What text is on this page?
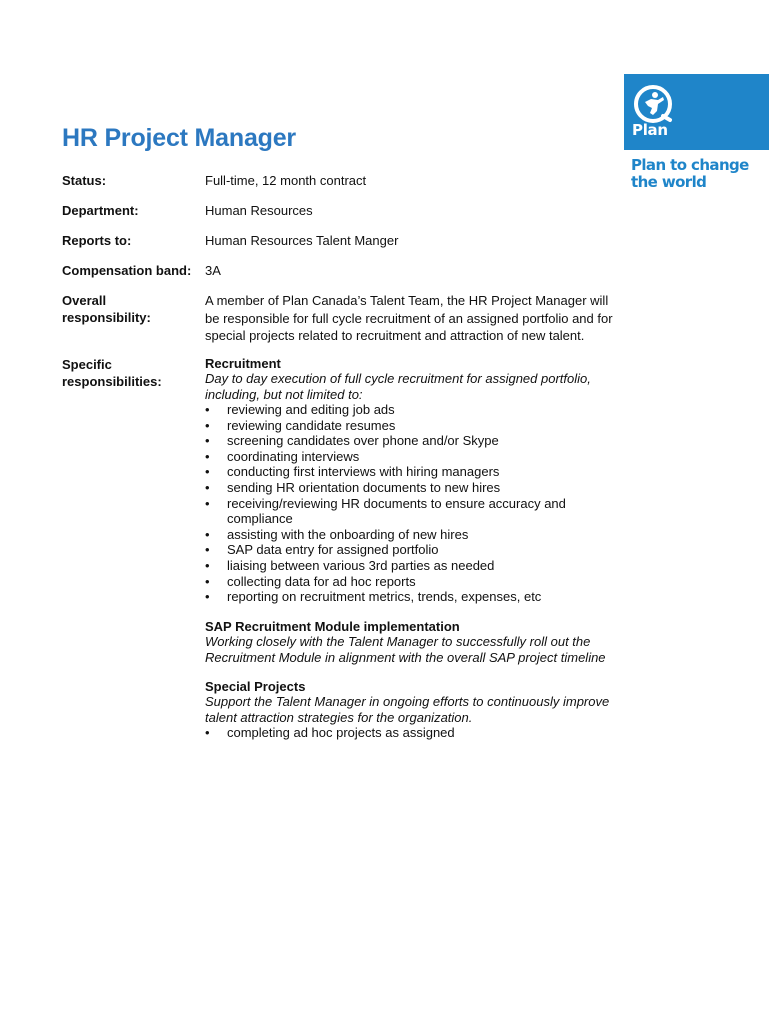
Plan
Plan to change
the world
HR Project Manager
Status:	Full-time, 12 month contract
Department:	Human Resources
Reports to:	Human Resources Talent Manger
Compensation band:	3A
Overall
responsibility:
A member of Plan Canada’s Talent Team, the HR Project Manager will be responsible for full cycle recruitment of an assigned portfolio and for special projects related to recruitment and attraction of new talent.
Specific
responsibilities:
Recruitment
Day to day execution of full cycle recruitment for assigned portfolio,
including, but not limited to:
• reviewing and editing job ads
• reviewing candidate resumes
• screening candidates over phone and/or Skype
• coordinating interviews
• conducting first interviews with hiring managers
• sending HR orientation documents to new hires
• receiving/reviewing HR documents to ensure accuracy and compliance
• assisting with the onboarding of new hires
• SAP data entry for assigned portfolio
• liaising between various 3rd parties as needed
• collecting data for ad hoc reports
• reporting on recruitment metrics, trends, expenses, etc
SAP Recruitment Module implementation
Working closely with the Talent Manager to successfully roll out the
Recruitment Module in alignment with the overall SAP project timeline
Special Projects
Support the Talent Manager in ongoing efforts to continuously improve
talent attraction strategies for the organization.
• completing ad hoc projects as assigned
